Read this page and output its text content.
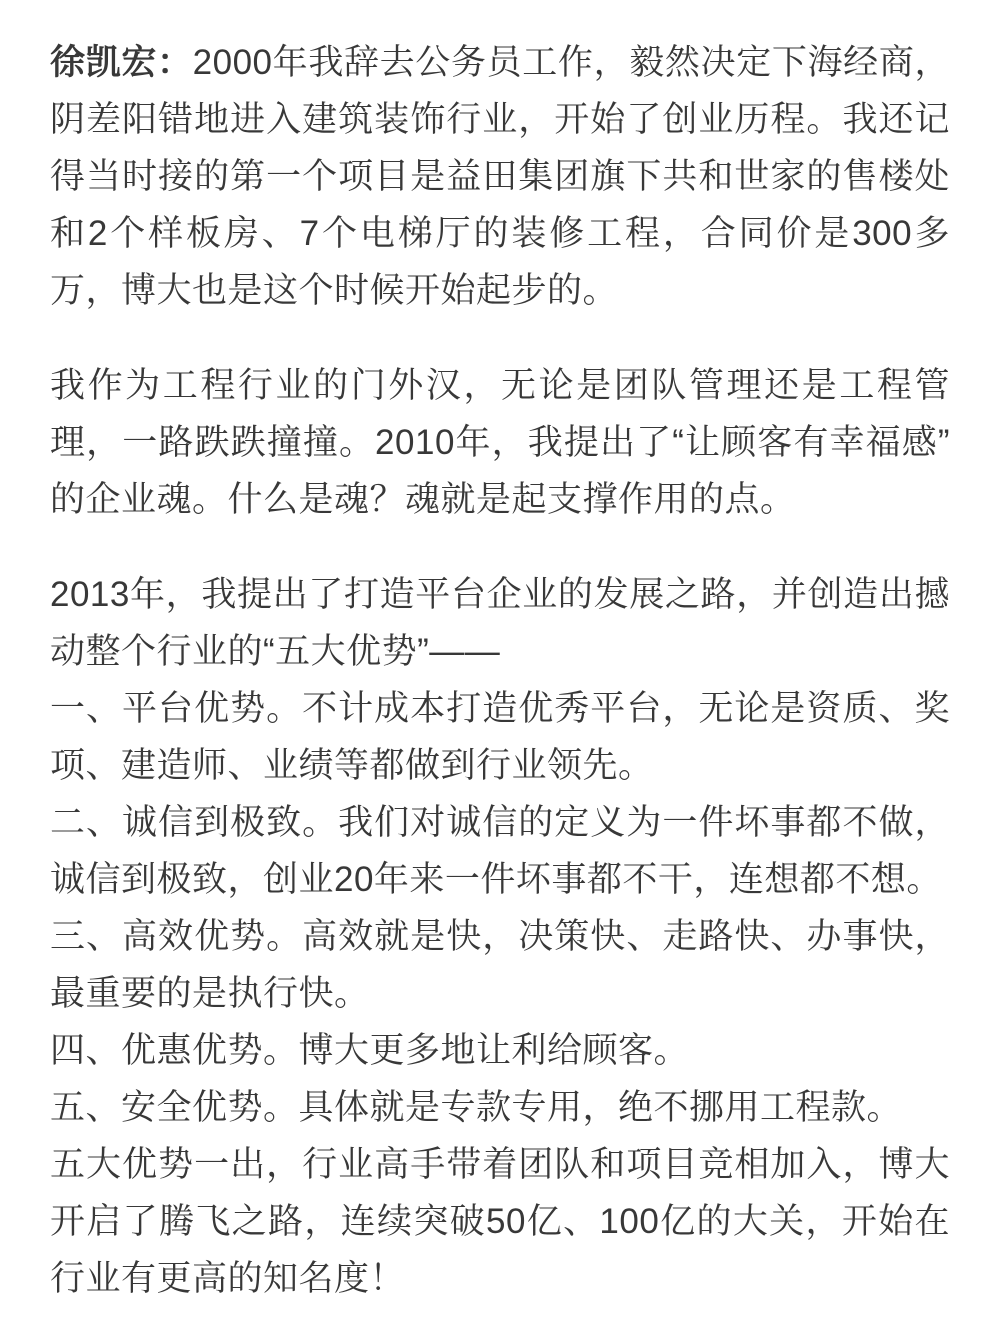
徐凯宏：2000年我辞去公务员工作，毅然决定下海经商，阴差阳错地进入建筑装饰行业，开始了创业历程。我还记得当时接的第一个项目是益田集团旗下共和世家的售楼处和2个样板房、7个电梯厅的装修工程，合同价是300多万，博大也是这个时候开始起步的。

我作为工程行业的门外汉，无论是团队管理还是工程管理，一路跌跌撞撞。2010年，我提出了“让顾客有幸福感”的企业魂。什么是魂？魂就是起支撑作用的点。

2013年，我提出了打造平台企业的发展之路，并创造出撼动整个行业的“五大优势”——
一、平台优势。不计成本打造优秀平台，无论是资质、奖项、建造师、业绩等都做到行业领先。
二、诚信到极致。我们对诚信的定义为一件坏事都不做，诚信到极致，创业20年来一件坏事都不干，连想都不想。
三、高效优势。高效就是快，决策快、走路快、办事快，最重要的是执行快。
四、优惠优势。博大更多地让利给顾客。
五、安全优势。具体就是专款专用，绝不挪用工程款。
五大优势一出，行业高手带着团队和项目竞相加入，博大开启了腾飞之路，连续突破50亿、100亿的大关，开始在行业有更高的知名度！
